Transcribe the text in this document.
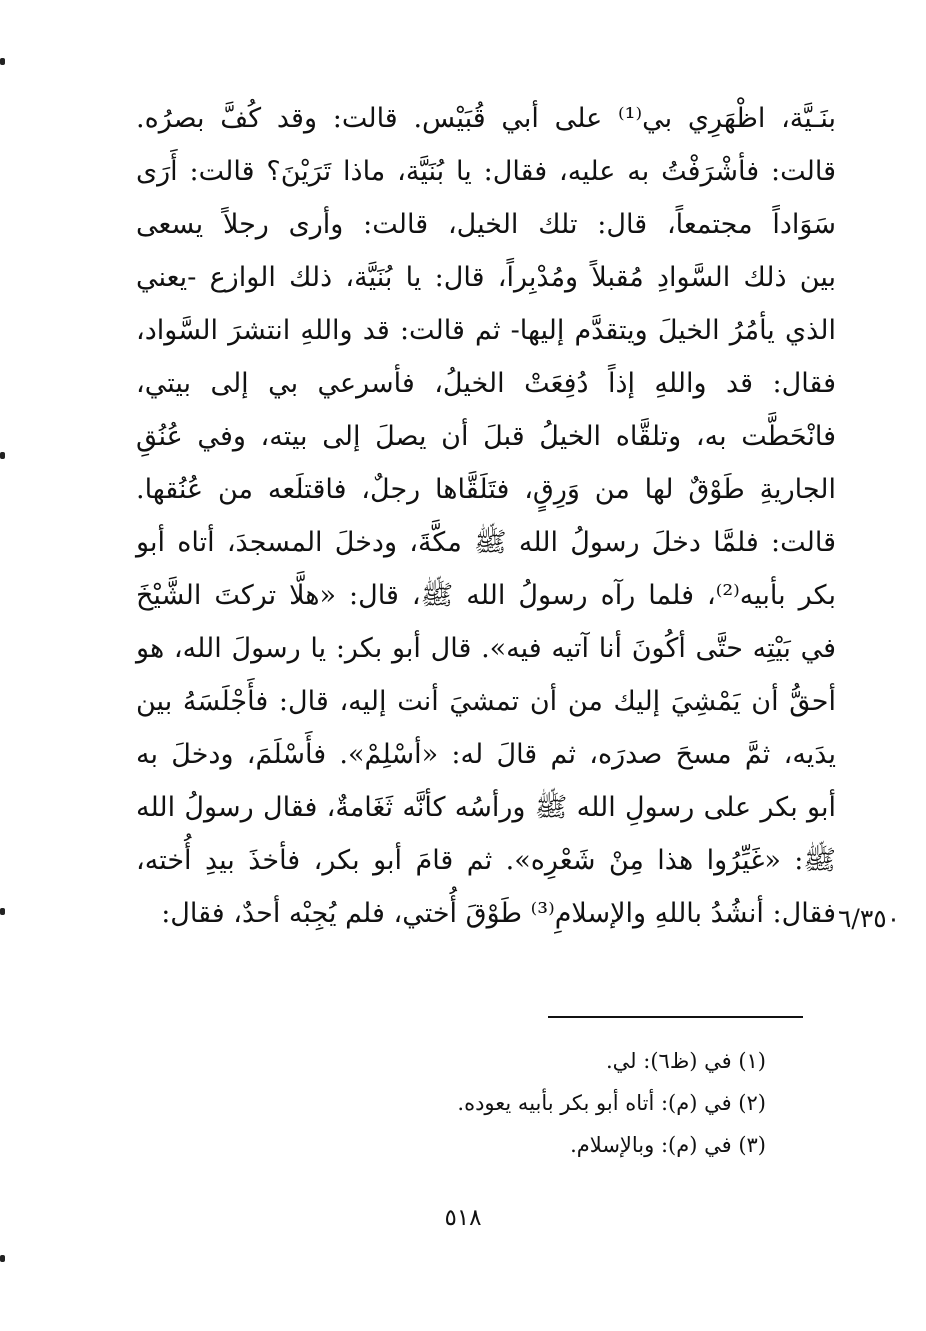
بنَـيَّة، اظْهَرِي بي⁽¹⁾ على أبي قُبَيْس. قالت: وقد كُفَّ بصرُه.
قالت: فأشْرَفْتُ به عليه، فقال: يا بُنَيَّة، ماذا تَرَيْنَ؟ قالت: أَرَى
سَوَاداً مجتمعاً، قال: تلك الخيل، قالت: وأرى رجلاً يسعى
بين ذلك السَّوادِ مُقبلاً ومُدْبِراً، قال: يا بُنَيَّة، ذلك الوازع -يعني
الذي يأمُرُ الخيلَ ويتقدَّم إليها- ثم قالت: قد واللهِ انتشرَ السَّواد،
فقال: قد واللهِ إذاً دُفِعَتْ الخيلُ، فأسرعي بي إلى بيتي،
فانْحَطَّت به، وتلقَّاه الخيلُ قبلَ أن يصلَ إلى بيته، وفي عُنُقِ
الجاريةِ طَوْقٌ لها من وَرِقٍ، فتَلَقَّاها رجلٌ، فاقتلَعه من عُنُقها.
قالت: فلمَّا دخلَ رسولُ الله ﷺ مكَّةَ، ودخلَ المسجدَ، أتاه أبو
بكر بأبيه⁽²⁾، فلما رآه رسولُ الله ﷺ، قال: «هلَّا تركتَ الشَّيْخَ
في بَيْتِه حتَّى أكُونَ أنا آتيه فيه». قال أبو بكر: يا رسولَ الله، هو
أحقُّ أن يَمْشِيَ إليك من أن تمشيَ أنت إليه، قال: فأَجْلَسَهُ بين
يدَيه، ثمَّ مسحَ صدرَه، ثم قالَ له: «أسْلِمْ». فأَسْلَمَ، ودخلَ به
أبو بكر على رسولِ الله ﷺ ورأسُه كأنَّه ثَغَامةٌ، فقال رسولُ الله
ﷺ: «غَيِّرُوا هذا مِنْ شَعْرِه». ثم قامَ أبو بكر، فأخذَ بيدِ أُخته،
فقال: أنشُدُ باللهِ والإسلامِ⁽³⁾ طَوْقَ أُختي، فلم يُجِبْه أحدٌ، فقال: ٦/٣٥٠
(١) في (ظ٦): لي.
(٢) في (م): أتاه أبو بكر بأبيه يعوده.
(٣) في (م): وبالإسلام.
٥١٨
